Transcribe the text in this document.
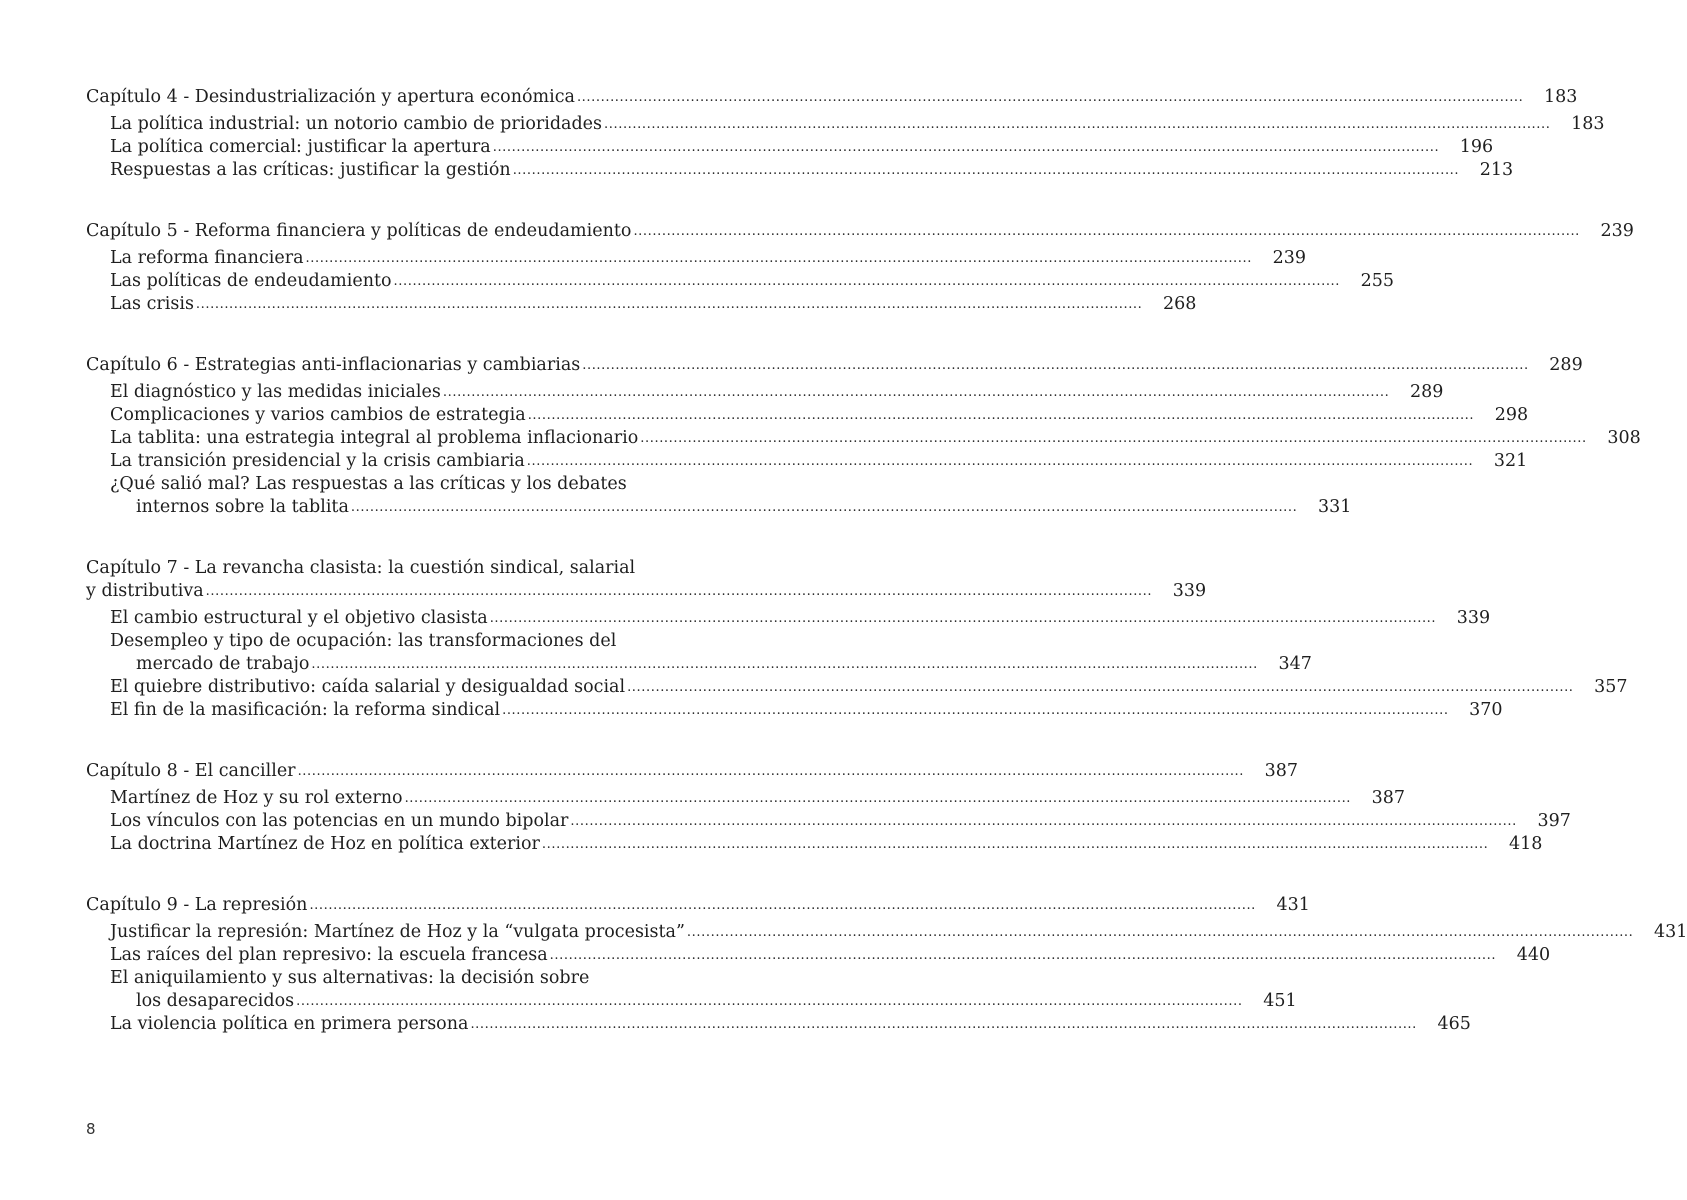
Capítulo 4 - Desindustrialización y apertura económica ........................................................................................................................................................................................................	183
La política industrial: un notorio cambio de prioridades ........................................................................................................................................................................................................	183
La política comercial: justificar la apertura ........................................................................................................................................................................................................	196
Respuestas a las críticas: justificar la gestión ........................................................................................................................................................................................................	213
Capítulo 5 - Reforma financiera y políticas de endeudamiento ........................................................................................................................................................................................................	239
La reforma financiera ........................................................................................................................................................................................................	239
Las políticas de endeudamiento ........................................................................................................................................................................................................	255
Las crisis ........................................................................................................................................................................................................	268
Capítulo 6 - Estrategias anti-inflacionarias y cambiarias ........................................................................................................................................................................................................	289
El diagnóstico y las medidas iniciales ........................................................................................................................................................................................................	289
Complicaciones y varios cambios de estrategia ........................................................................................................................................................................................................	298
La tablita: una estrategia integral al problema inflacionario ........................................................................................................................................................................................................	308
La transición presidencial y la crisis cambiaria ........................................................................................................................................................................................................	321
¿Qué salió mal? Las respuestas a las críticas y los debates
internos sobre la tablita ........................................................................................................................................................................................................	331
Capítulo 7 - La revancha clasista: la cuestión sindical, salarial
y distributiva ........................................................................................................................................................................................................	339
El cambio estructural y el objetivo clasista ........................................................................................................................................................................................................	339
Desempleo y tipo de ocupación: las transformaciones del
mercado de trabajo ........................................................................................................................................................................................................	347
El quiebre distributivo: caída salarial y desigualdad social ........................................................................................................................................................................................................	357
El fin de la masificación: la reforma sindical ........................................................................................................................................................................................................	370
Capítulo 8 - El canciller ........................................................................................................................................................................................................	387
Martínez de Hoz y su rol externo ........................................................................................................................................................................................................	387
Los vínculos con las potencias en un mundo bipolar ........................................................................................................................................................................................................	397
La doctrina Martínez de Hoz en política exterior ........................................................................................................................................................................................................	418
Capítulo 9 - La represión ........................................................................................................................................................................................................	431
Justificar la represión: Martínez de Hoz y la “vulgata procesista” ........................................................................................................................................................................................................	431
Las raíces del plan represivo: la escuela francesa ........................................................................................................................................................................................................	440
El aniquilamiento y sus alternativas: la decisión sobre
los desaparecidos ........................................................................................................................................................................................................	451
La violencia política en primera persona ........................................................................................................................................................................................................	465
8
